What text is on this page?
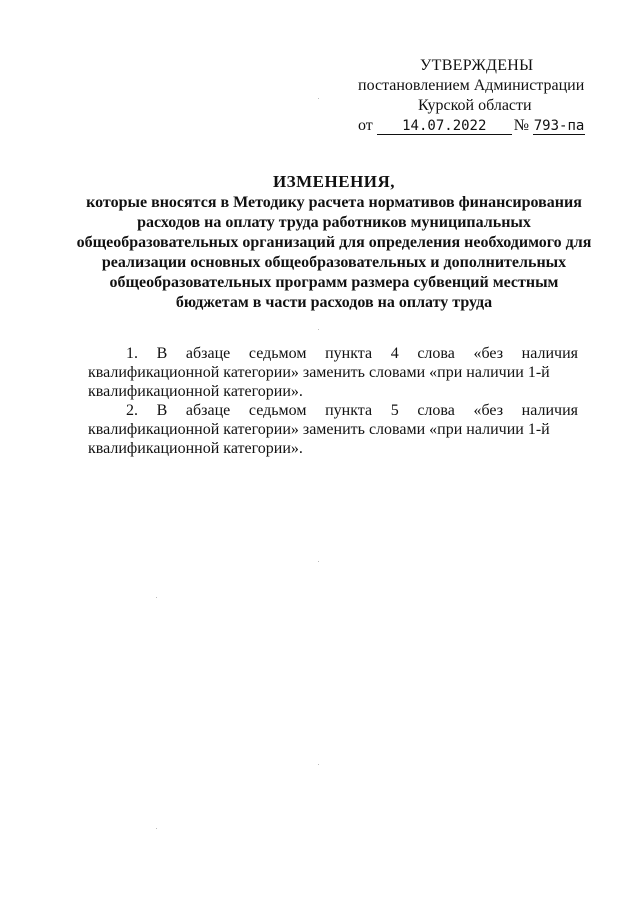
УТВЕРЖДЕНЫ
постановлением Администрации
Курской области
от 14.07.2022 № 793-па
ИЗМЕНЕНИЯ,
которые вносятся в Методику расчета нормативов финансирования
расходов на оплату труда работников муниципальных
общеобразовательных организаций для определения необходимого для
реализации основных общеобразовательных и дополнительных
общеобразовательных программ размера субвенций местным
бюджетам в части расходов на оплату труда
1. В абзаце седьмом пункта 4 слова «без наличия
квалификационной категории» заменить словами «при наличии 1-й
квалификационной категории».
2. В абзаце седьмом пункта 5 слова «без наличия
квалификационной категории» заменить словами «при наличии 1-й
квалификационной категории».
